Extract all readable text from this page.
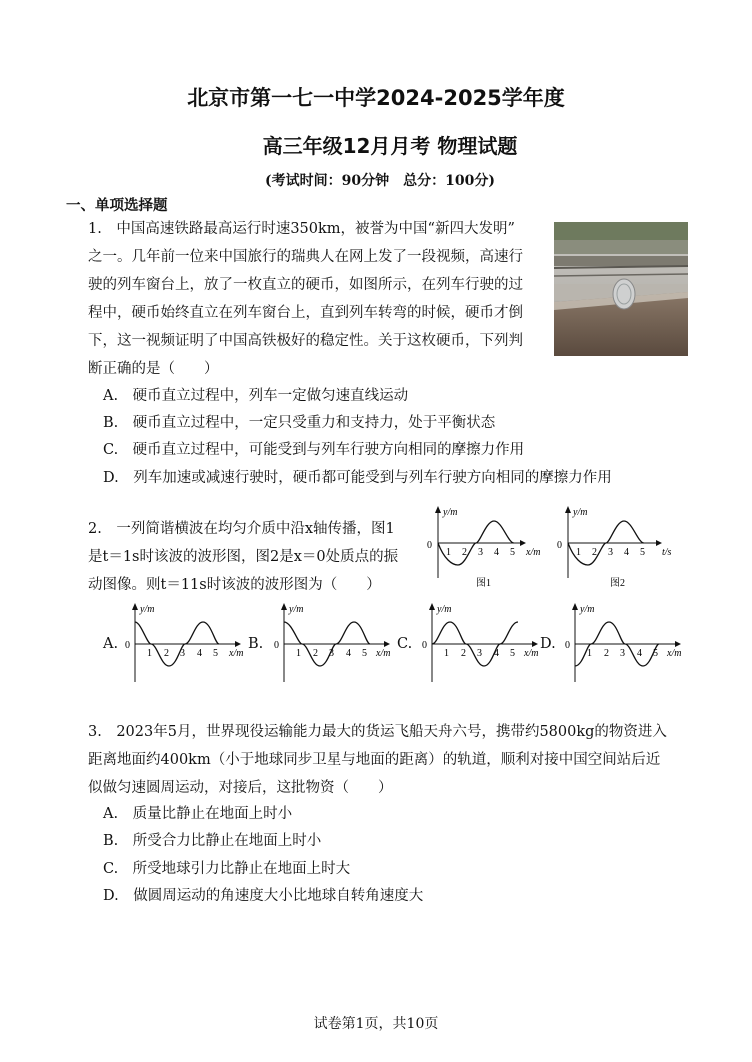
北京市第一七一中学2024-2025学年度
高三年级12月月考 物理试题
(考试时间：90分钟　总分：100分)
一、单项选择题
1.　中国高速铁路最高运行时速350km，被誉为中国“新四大发明”
之一。几年前一位来中国旅行的瑞典人在网上发了一段视频，高速行
驶的列车窗台上，放了一枚直立的硬币，如图所示，在列车行驶的过
程中，硬币始终直立在列车窗台上，直到列车转弯的时候，硬币才倒
下，这一视频证明了中国高铁极好的稳定性。关于这枚硬币，下列判
断正确的是（　　）
A.　硬币直立过程中，列车一定做匀速直线运动
B.　硬币直立过程中，一定只受重力和支持力，处于平衡状态
C.　硬币直立过程中，可能受到与列车行驶方向相同的摩擦力作用
D.　列车加速或减速行驶时，硬币都可能受到与列车行驶方向相同的摩擦力作用
2.　一列简谐横波在均匀介质中沿x轴传播，图1
是t＝1s时该波的波形图，图2是x＝0处质点的振
动图像。则t＝11s时该波的波形图为（　　）
y/m
0
1 2 3 4 5 x/m
图1
y/m
0
1 2 3 4 5 t/s
图2
A.
y/m
0
1 2 3 4 5 x/m
B.
y/m
0
1 2 3 4 5 x/m
C.
y/m
0
1 2 3 4 5 x/m
D.
y/m
0
1 2 3 4 5 x/m
3.　2023年5月，世界现役运输能力最大的货运飞船天舟六号，携带约5800kg的物资进入
距离地面约400km（小于地球同步卫星与地面的距离）的轨道，顺利对接中国空间站后近
似做匀速圆周运动，对接后，这批物资（　　）
A.　质量比静止在地面上时小
B.　所受合力比静止在地面上时小
C.　所受地球引力比静止在地面上时大
D.　做圆周运动的角速度大小比地球自转角速度大
试卷第1页，共10页
